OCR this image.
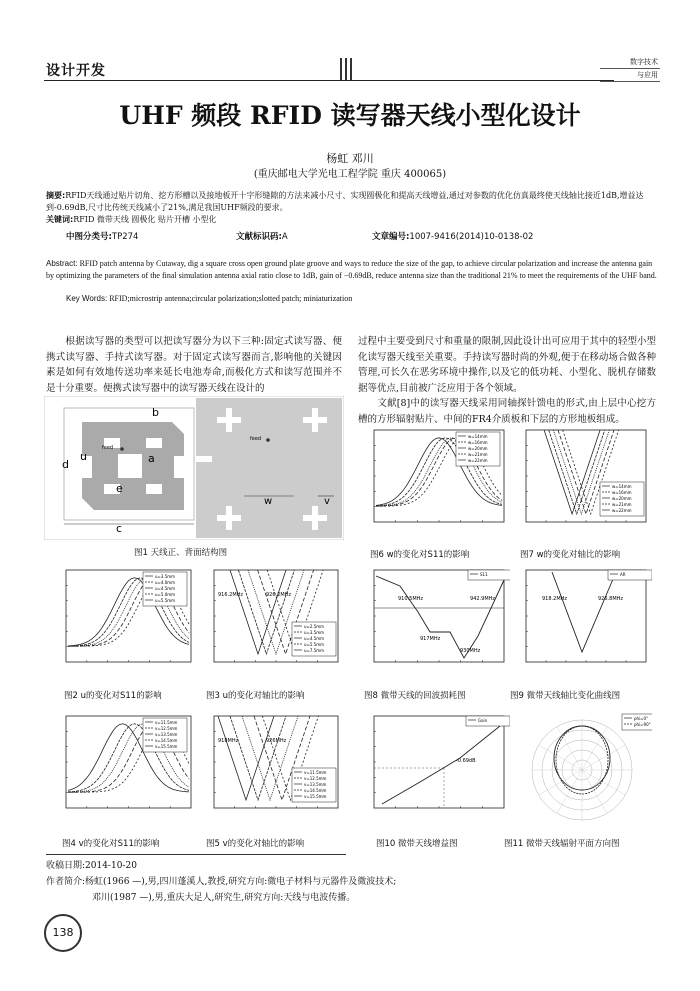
设计开发
数字技术
与应用
UHF 频段 RFID 读写器天线小型化设计
杨虹 邓川
(重庆邮电大学光电工程学院 重庆 400065)
摘要:RFID天线通过贴片切角、挖方形槽以及接地板开十字形缝隙的方法来减小尺寸、实现圆极化和提高天线增益,通过对参数的优化仿真最终使天线轴比接近1dB,增益达到-0.69dB,尺寸比传统天线减小了21%,满足我国UHF频段的要求。
关键词:RFID 微带天线 圆极化 贴片开槽 小型化
中图分类号:TP274	文献标识码:A	文章编号:1007-9416(2014)10-0138-02
Abstract: RFID patch antenna by Cutaway, dig a square cross open ground plate groove and ways to reduce the size of the gap, to achieve circular polarization and increase the antenna gain by optimizing the parameters of the final simulation antenna axial ratio close to 1dB, gain of −0.69dB, reduce antenna size than the traditional 21% to meet the requirements of the UHF band.
Key Words: RFID;microstrip antenna;circular polarization;slotted patch; miniaturization
　　根据读写器的类型可以把读写器分为以下三种:固定式读写器、便携式读写器、手持式读写器。对于固定式读写器而言,影响他的关键因素是如何有效地传送功率来延长电池寿命,而极化方式和读写范围并不是十分重要。便携式读写器中的读写器天线在设计的
过程中主要受到尺寸和重量的限制,因此设计出可应用于其中的轻型小型化读写器天线至关重要。手持读写器时尚的外观,便于在移动场合做各种管理,可长久在恶劣环境中操作,以及它的低功耗、小型化、脱机存储数据等优点,目前被广泛应用于各个领域。
　　文献[8]中的读写器天线采用同轴探针馈电的形式,由上层中心挖方槽的方形辐射贴片、中间的FR4介质板和下层的方形地板组成。
feed
b
u
d	a
e
c
feed
w	v
w=14mm
w=16mm
w=20mm
w=21mm
w=22mm
w=14mm
w=16mm
w=20mm
w=21mm
w=22mm
u=3.5mm
u=4.0mm
u=4.5mm
u=5.0mm
u=5.5mm
u=2.5mm
u=3.5mm
u=4.5mm
u=5.5mm
u=7.5mm
916.2MHz	926.2MHz
S11
910.5MHz	942.9MHz
917MHz
930MHz
AR
918.2MHz	926.8MHz
v=11.5mm
v=12.5mm
v=13.5mm
v=14.5mm
v=15.5mm
v=11.5mm
v=12.5mm
v=13.5mm
v=14.5mm
v=15.5mm
918MHz	926MHz
Gain
-0.69dB
phi=0°
phi=90°
图1 天线正、背面结构图	图6 w的变化对S11的影响	图7 w的变化对轴比的影响
图2 u的变化对S11的影响	图3 u的变化对轴比的影响	图8 微带天线的回波损耗图	图9 微带天线轴比变化曲线图
图4 v的变化对S11的影响	图5 v的变化对轴比的影响	图10 微带天线增益图	图11 微带天线辐射平面方向图
收稿日期:2014-10-20
作者简介:杨虹(1966 —),男,四川蓬溪人,教授,研究方向:微电子材料与元器件及微波技术;
邓川(1987 —),男,重庆大足人,研究生,研究方向:天线与电波传播。
138
